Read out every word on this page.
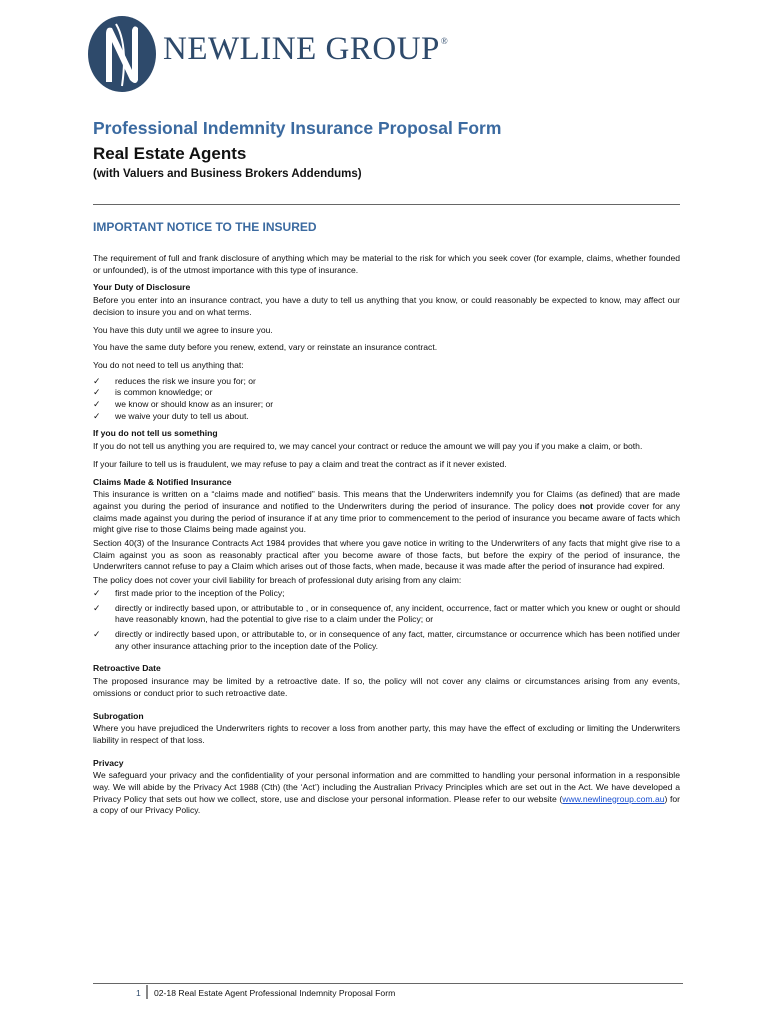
NEWLINE GROUP®
Professional Indemnity Insurance Proposal Form
Real Estate Agents
(with Valuers and Business Brokers Addendums)
IMPORTANT NOTICE TO THE INSURED

The requirement of full and frank disclosure of anything which may be material to the risk for which you seek cover (for example, claims, whether founded or unfounded), is of the utmost importance with this type of insurance.

Your Duty of Disclosure

Before you enter into an insurance contract, you have a duty to tell us anything that you know, or could reasonably be expected to know, may affect our decision to insure you and on what terms.

You have this duty until we agree to insure you.

You have the same duty before you renew, extend, vary or reinstate an insurance contract.

You do not need to tell us anything that:

✓ reduces the risk we insure you for; or
✓ is common knowledge; or
✓ we know or should know as an insurer; or
✓ we waive your duty to tell us about.
If you do not tell us something

If you do not tell us anything you are required to, we may cancel your contract or reduce the amount we will pay you if you make a claim, or both.

If your failure to tell us is fraudulent, we may refuse to pay a claim and treat the contract as if it never existed.

Claims Made & Notified Insurance

This insurance is written on a “claims made and notified” basis. This means that the Underwriters indemnify you for Claims (as defined) that are made against you during the period of insurance and notified to the Underwriters during the period of insurance. The policy does not provide cover for any claims made against you during the period of insurance if at any time prior to commencement to the period of insurance you became aware of facts which might give rise to those Claims being made against you.

Section 40(3) of the Insurance Contracts Act 1984 provides that where you gave notice in writing to the Underwriters of any facts that might give rise to a Claim against you as soon as reasonably practical after you become aware of those facts, but before the expiry of the period of insurance, the Underwriters cannot refuse to pay a Claim which arises out of those facts, when made, because it was made after the period of insurance had expired.

The policy does not cover your civil liability for breach of professional duty arising from any claim:

✓ first made prior to the inception of the Policy;
✓ directly or indirectly based upon, or attributable to , or in consequence of, any incident, occurrence, fact or matter which you knew or ought or should have reasonably known, had the potential to give rise to a claim under the Policy; or
✓ directly or indirectly based upon, or attributable to, or in consequence of any fact, matter, circumstance or occurrence which has been notified under any other insurance attaching prior to the inception date of the Policy.
Retroactive Date

The proposed insurance may be limited by a retroactive date. If so, the policy will not cover any claims or circumstances arising from any events, omissions or conduct prior to such retroactive date.

Subrogation

Where you have prejudiced the Underwriters rights to recover a loss from another party, this may have the effect of excluding or limiting the Underwriters liability in respect of that loss.

Privacy

We safeguard your privacy and the confidentiality of your personal information and are committed to handling your personal information in a responsible way. We will abide by the Privacy Act 1988 (Cth) (the ‘Act’) including the Australian Privacy Principles which are set out in the Act. We have developed a Privacy Policy that sets out how we collect, store, use and disclose your personal information. Please refer to our website (www.newlinegroup.com.au) for a copy of our Privacy Policy.

1 02-18 Real Estate Agent Professional Indemnity Proposal Form
